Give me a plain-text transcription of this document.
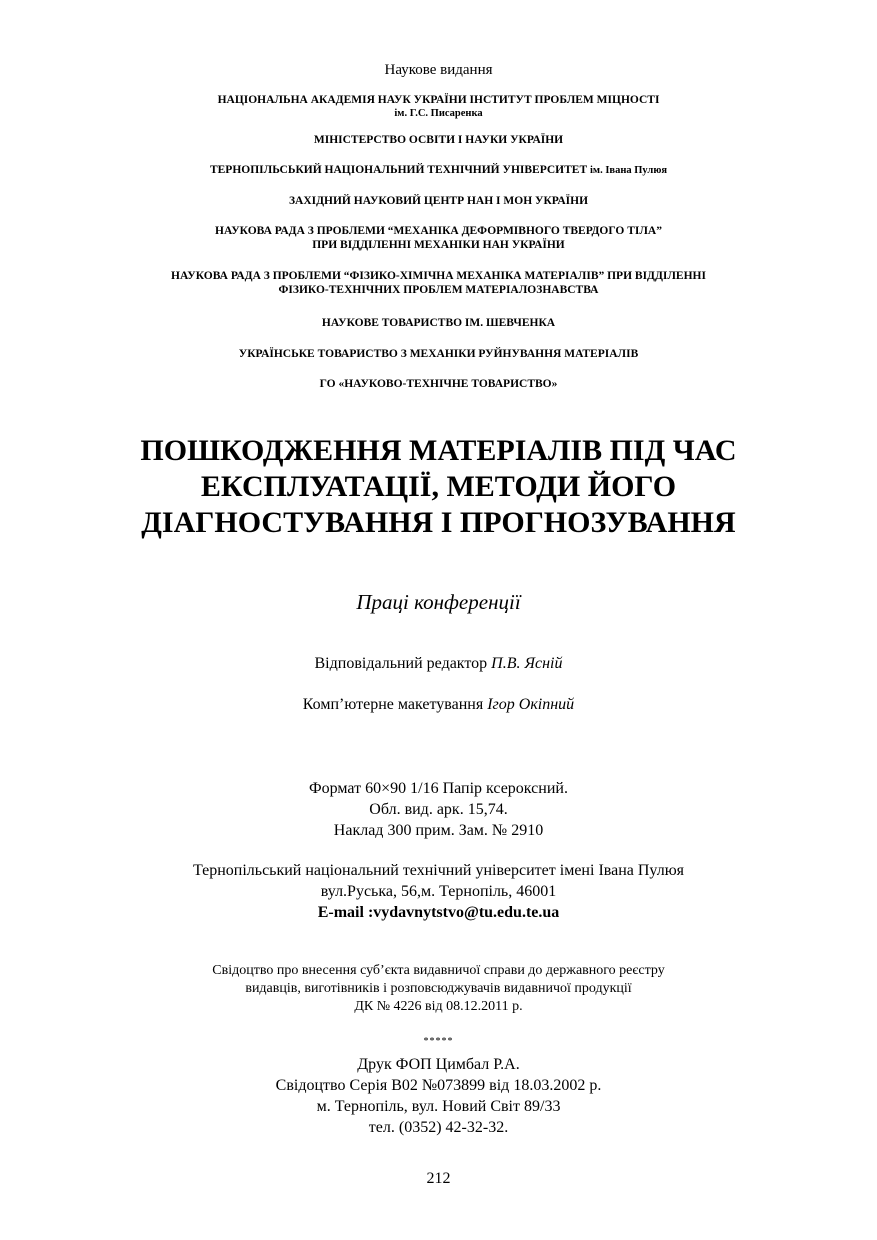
Наукове видання
НАЦІОНАЛЬНА АКАДЕМІЯ НАУК УКРАЇНИ ІНСТИТУТ ПРОБЛЕМ МІЦНОСТІ
ім. Г.С. Писаренка
МІНІСТЕРСТВО ОСВІТИ І НАУКИ УКРАЇНИ
ТЕРНОПІЛЬСЬКИЙ НАЦІОНАЛЬНИЙ ТЕХНІЧНИЙ УНІВЕРСИТЕТ ім. Івана Пулюя
ЗАХІДНИЙ НАУКОВИЙ ЦЕНТР НАН І МОН УКРАЇНИ
НАУКОВА РАДА З ПРОБЛЕМИ “МЕХАНІКА ДЕФОРМІВНОГО ТВЕРДОГО ТІЛА”
ПРИ ВІДДІЛЕННІ МЕХАНІКИ НАН УКРАЇНИ
НАУКОВА РАДА З ПРОБЛЕМИ “ФІЗИКО-ХІМІЧНА МЕХАНІКА МАТЕРІАЛІВ” ПРИ ВІДДІЛЕННІ
ФІЗИКО-ТЕХНІЧНИХ ПРОБЛЕМ МАТЕРІАЛОЗНАВСТВА
НАУКОВЕ ТОВАРИСТВО ІМ. ШЕВЧЕНКА
УКРАЇНСЬКЕ ТОВАРИСТВО З МЕХАНІКИ РУЙНУВАННЯ МАТЕРІАЛІВ
ГО «НАУКОВО-ТЕХНІЧНЕ ТОВАРИСТВО»
ПОШКОДЖЕННЯ МАТЕРІАЛІВ ПІД ЧАС
ЕКСПЛУАТАЦІЇ, МЕТОДИ ЙОГО
ДІАГНОСТУВАННЯ І ПРОГНОЗУВАННЯ
Праці конференції
Відповідальний редактор П.В. Ясній
Комп’ютерне макетування Ігор Окіпний
Формат 60×90 1/16 Папір ксероксний.
Обл. вид. арк. 15,74.
Наклад 300 прим. Зам. № 2910
Тернопільський національний технічний університет імені Івана Пулюя
вул.Руська, 56,м. Тернопіль, 46001
E-mail :vydavnytstvo@tu.edu.te.ua
Свідоцтво про внесення суб’єкта видавничої справи до державного реєстру
видавців, виготівників і розповсюджувачів видавничої продукції
ДК № 4226 від 08.12.2011 р.
*****
Друк ФОП Цимбал Р.А.
Свідоцтво Серія В02 №073899 від 18.03.2002 р.
м. Тернопіль, вул. Новий Світ 89/33
тел. (0352) 42-32-32.
212
